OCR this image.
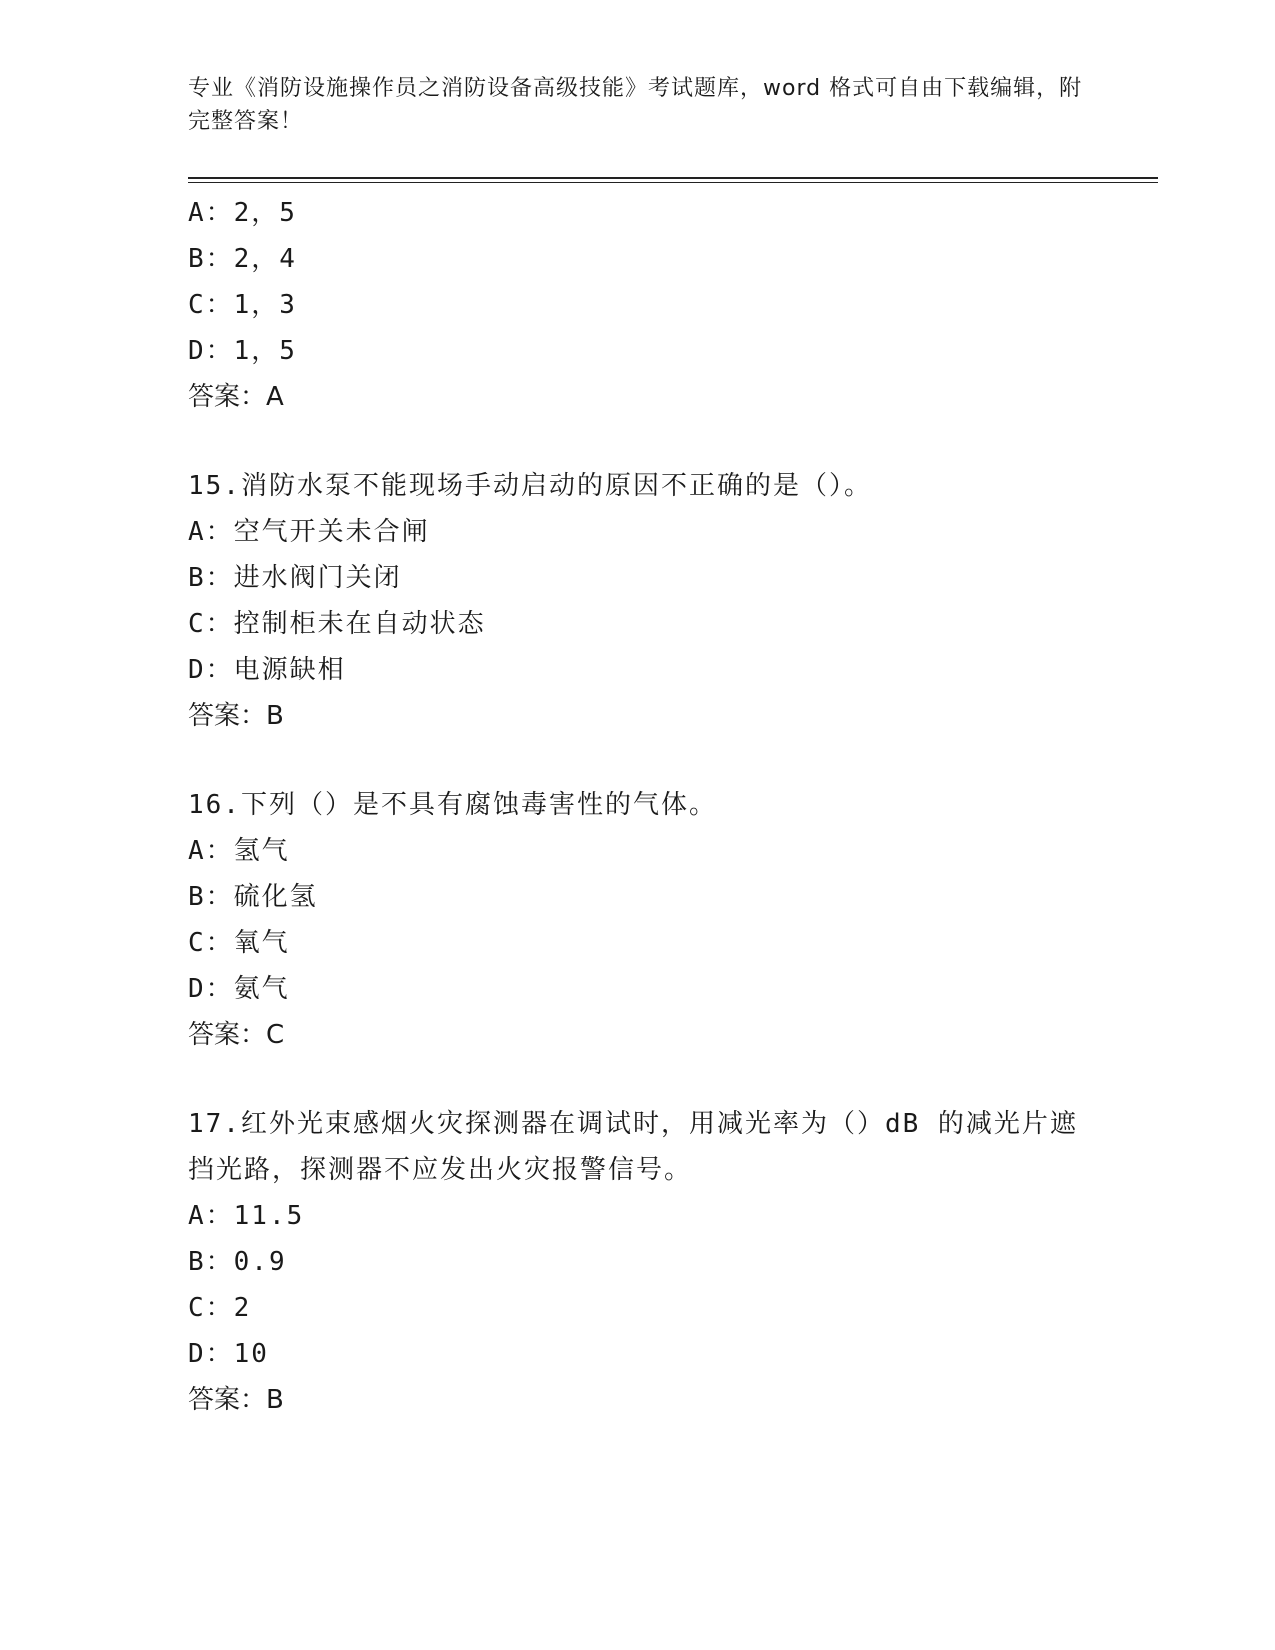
专业《消防设施操作员之消防设备高级技能》考试题库，word 格式可自由下载编辑，附完整答案！
A：2，5
B：2，4
C：1，3
D：1，5
答案：A
15.消防水泵不能现场手动启动的原因不正确的是（）。
A：空气开关未合闸
B：进水阀门关闭
C：控制柜未在自动状态
D：电源缺相
答案：B
16.下列（）是不具有腐蚀毒害性的气体。
A：氢气
B：硫化氢
C：氧气
D：氨气
答案：C
17.红外光束感烟火灾探测器在调试时，用减光率为（）dB 的减光片遮挡光路，探测器不应发出火灾报警信号。
A：11.5
B：0.9
C：2
D：10
答案：B
